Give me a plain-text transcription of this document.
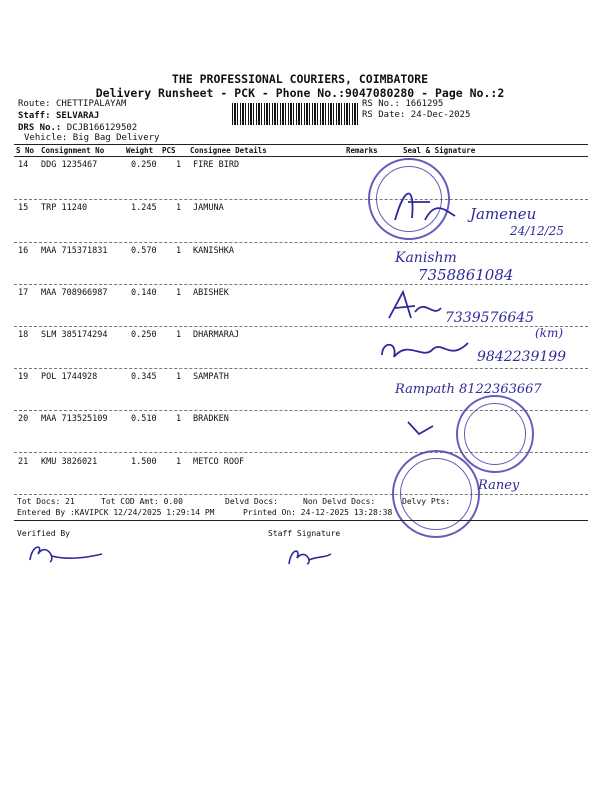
THE PROFESSIONAL COURIERS, COIMBATORE
Delivery Runsheet - PCK - Phone No.:9047080280 - Page No.:2
Route: CHETTIPALAYAM
Staff: SELVARAJ
DRS No.: DCJB166129502
Vehicle: Big Bag Delivery
RS No.: 1661295
RS Date: 24-Dec-2025
S No Consignment No	Weight PCS Consignee Details	Remarks	Seal & Signature
14 DDG 1235467	0.250 1 FIRE BIRD
15 TRP 11240	1.245 1 JAMUNA
16 MAA 715371831	0.570 1 KANISHKA
17 MAA 708966987	0.140 1 ABISHEK
18 SLM 385174294	0.250 1 DHARMARAJ
19 POL 1744928	0.345 1 SAMPATH
20 MAA 713525109	0.510 1 BRADKEN
21 KMU 3826021	1.500 1 METCO ROOF
Jameneu
24/12/25
Kanishm
7358861084
7339576645
(km)
9842239199
Rampath 8122363667
Raney
Tot Docs: 21	Tot COD Amt: 0.00	Delvd Docs:	Non Delvd Docs:	Delvy Pts:
Entered By :KAVIPCK 12/24/2025 1:29:14 PM	Printed On: 24-12-2025 13:28:38
Verified By	Staff Signature
